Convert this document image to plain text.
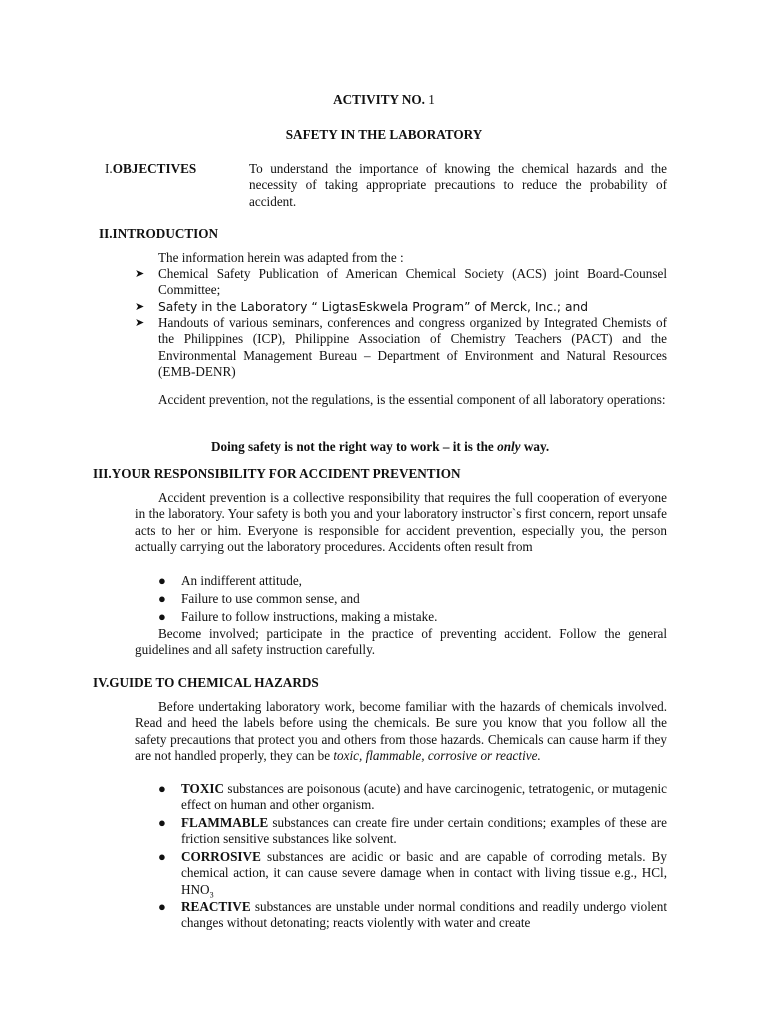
ACTIVITY NO. 1
SAFETY IN THE LABORATORY
I.OBJECTIVES	To understand the importance of knowing the chemical hazards and the necessity of taking appropriate precautions to reduce the probability of accident.
II.INTRODUCTION
The information herein was adapted from the :
➤ Chemical Safety Publication of American Chemical Society (ACS) joint Board-Counsel Committee;
➤ Safety in the Laboratory “ LigtasEskwela Program” of Merck, Inc.; and
➤ Handouts of various seminars, conferences and congress organized by Integrated Chemists of the Philippines (ICP), Philippine Association of Chemistry Teachers (PACT) and the Environmental Management Bureau – Department of Environment and Natural Resources (EMB-DENR)
Accident prevention, not the regulations, is the essential component of all laboratory operations:
Doing safety is not the right way to work – it is the only way.
III.YOUR RESPONSIBILITY FOR ACCIDENT PREVENTION
Accident prevention is a collective responsibility that requires the full cooperation of everyone in the laboratory. Your safety is both you and your laboratory instructor`s first concern, report unsafe acts to her or him. Everyone is responsible for accident prevention, especially you, the person actually carrying out the laboratory procedures. Accidents often result from
● An indifferent attitude,
● Failure to use common sense, and
● Failure to follow instructions, making a mistake.
Become involved; participate in the practice of preventing accident. Follow the general guidelines and all safety instruction carefully.
IV.GUIDE TO CHEMICAL HAZARDS
Before undertaking laboratory work, become familiar with the hazards of chemicals involved. Read and heed the labels before using the chemicals. Be sure you know that you follow all the safety precautions that protect you and others from those hazards. Chemicals can cause harm if they are not handled properly, they can be toxic, flammable, corrosive or reactive.
● TOXIC substances are poisonous (acute) and have carcinogenic, tetratogenic, or mutagenic effect on human and other organism.
● FLAMMABLE substances can create fire under certain conditions; examples of these are friction sensitive substances like solvent.
● CORROSIVE substances are acidic or basic and are capable of corroding metals. By chemical action, it can cause severe damage when in contact with living tissue e.g., HCl, $HNO_3$
● REACTIVE substances are unstable under normal conditions and readily undergo violent changes without detonating; reacts violently with water and create
